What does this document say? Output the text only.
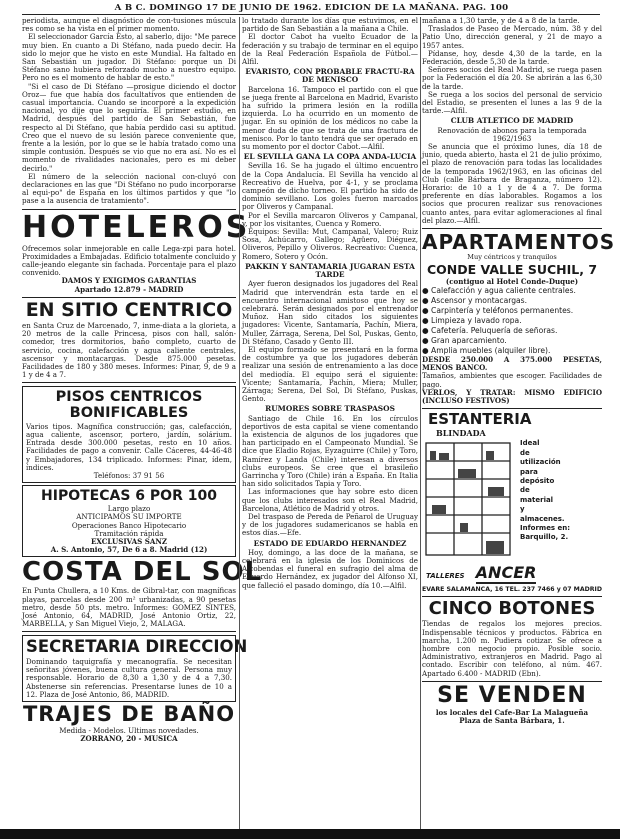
A B C. DOMINGO 17 DE JUNIO DE 1962. EDICION DE LA MAÑANA. PAG. 100

periodista, aunque el diagnóstico de con-tusiones múscula res como se ha vista en el primer momento.

El seleccionador García Esto, al saberlo, dijo: "Me parece muy bien. En cuanto a Di Stéfano, nada puedo decir. Ha sido lo mejor que he visto en este Mundial. Ha faltado en San Sebastián un jugador. Di Stéfano: porque un Di Stéfano sano hubiera reforzado mucho a nuestro equipo. Pero no es el momento de hablar de esto."

"Si el caso de Di Stéfano —prosigue diciendo el doctor Oroz— fue que había dos facultativos que entienden de casual importancia. Cuando se incorporé a la expedición nacional, yo dije que lo seguiría. El primer estudio, en Madrid, después del partido de San Sebastián, fue respecto al Di Stéfano, que había perdido casi su aptitud. Creo que el nuevo de su lesión parece conveniente que, frente a la lesión, por lo que se le había tratado como una simple contusión. Después se vio que no era así. No es el momento de rivalidades nacionales, pero es mi deber decirlo."

El número de la selección nacional con-cluyó con declaraciones en las que "Di Stéfano no pudo incorporarse al equi-po" de España en los últimos partidos y que "lo pase a la ausencia de tratamiento".

HOTELEROS

Ofrecemos solar inmejorable en calle Lega-zpi para hotel. Proximidades a Embajadas. Edificio totalmente concluido y calle-jeando elegante sin fachada. Porcentaje para el plazo convenido.

DAMOS Y EXIGIMOS GARANTIAS

Apartado 12.879 - MADRID

EN SITIO CENTRICO

en Santa Cruz de Marcenado, 7, inme-diata a la glorieta, a 20 metros de la calle Princesa, pisos con hall, salón-comedor, tres dormitorios, baño completo, cuarto de servicio, cocina, calefacción y agua caliente centrales, ascensor y montacargas. Desde 875.000 pesetas. Facilidades de 180 y 380 meses. Informes: Pinar, 9, de 9 a 1 y de 4 a 7.

PISOS CENTRICOS BONIFICABLES

Varios tipos. Magnífica construcción; gas, calefacción, agua caliente, ascensor, portero, jardín, solárium. Entrada desde 300.000 pesetas, resto en 10 años. Facilidades de pago a convenir. Calle Cáceres, 44-46-48 y Embajadores, 134 triplicado. Informes: Pinar, ídem, índices.

Teléfonos: 37 91 56

HIPOTECAS 6 POR 100

Largo plazo

ANTICIPAMOS SU IMPORTE

Operaciones Banco Hipotecario

Tramitación rápida

EXCLUSIVAS SANZ

A. S. Antonio, 57, De 6 a 8. Madrid (12)

COSTA DEL SOL

En Punta Chullera, a 10 Kms. de Gibral-tar, con magníficas playas, parcelas desde 200 m² urbanizadas, a 90 pesetas metro, desde 50 pts. metro. Informes: GOMEZ SINTES, José Antonio, 64, MADRID, José Antonio Ortiz, 22, MARBELLA, y San Miguel Viejo, 2, MALAGA.

SECRETARIA DIRECCION

Dominando taquigrafía y mecanografía. Se necesitan señoritas jóvenes, buena cultura general. Persona muy responsable. Horario de 8,30 a 1,30 y de 4 a 7,30. Abstenerse sin referencias. Presentarse lunes de 10 a 12. Plaza de José Antonio, 86, MADRID.

TRAJES DE BAÑO

Medida - Modelos. Ultimas novedades.

ZORRANO, 20 - MUSICA

lo tratado durante los días que estuvimos, en el partido de San Sebastián a la mañana a Chile.

El doctor Cabot ha vuelto Ecuador de la federación y su trabajo de terminar en el equipo de la Real Federación Española de Fútbol.—Alfil.

EVARISTO, CON PROBABLE FRACTU-RA DE MENISCO

Barcelona 16. Tampoco el partido con el que se juega frente al Barcelona en Madrid, Evaristo ha sufrido la primera lesión en la rodilla izquierda. Lo ha ocurrido en un momento de jugar. En su opinión de los médicos no cabe la menor duda de que se trata de una fractura de menisco. Por lo tanto tendrá que ser operado en su momento por el doctor Cabot.—Alfil.

EL SEVILLA GANA LA COPA ANDA-LUCIA

Sevilla 16. Se ha jugado el último encuentro de la Copa Andalucía. El Sevilla ha vencido al Recreativo de Huelva, por 4-1, y se proclama campeón de dicho torneo. El partido ha sido de dominio sevillano. Los goles fueron marcados por Oliveros y Campanal.

Por el Sevilla marcaron Oliveros y Campanal, y, por los visitantes, Cuenca y Romero.

Equipos: Sevilla: Mut, Campanal, Valero; Ruiz Sosa, Achúcarro, Gallego; Agüero, Diéguez, Oliveros, Pepillo y Oliveros. Recreativo: Cuenca, Romero, Sotero y Ocón.

PAKKIN Y SANTAMARIA JUGARAN ESTA TARDE

Ayer fueron designados los jugadores del Real Madrid que intervendrán esta tarde en el encuentro internacional amistoso que hoy se celebrará. Serán designados por el entrenador Muñoz. Han sido citados los siguientes jugadores: Vicente, Santamaría, Pachín, Miera, Muller, Zárraga, Serena, Del Sol, Puskas, Gento, Di Stéfano, Casado y Gento III.

El equipo formado se presentará en la forma de costumbre ya que los jugadores deberán realizar una sesión de entrenamiento a las doce del mediodía. El equipo será el siguiente: Vicente; Santamaría, Pachín, Miera; Muller, Zárraga; Serena, Del Sol, Di Stéfano, Puskas, Gento.

RUMORES SOBRE TRASPASOS

Santiago de Chile 16. En los círculos deportivos de esta capital se viene comentando la existencia de algunos de los jugadores que han participado en el Campeonato Mundial. Se dice que Eladio Rojas, Eyzaguirre (Chile) y Toro, Ramírez y Landa (Chile) interesan a diversos clubs europeos. Se cree que el brasileño Garrincha y Toro (Chile) irán a España. En Italia han sido solicitados Tapia y Toro.

Las informaciones que hay sobre esto dicen que los clubs interesados son el Real Madrid, Barcelona, Atlético de Madrid y otros.

Del traspaso de Pereda de Peñarol de Uruguay y de los jugadores sudamericanos se habla en estos días.—Efe.

ESTADO DE EDUARDO HERNANDEZ

Hoy, domingo, a las doce de la mañana, se celebrará en la iglesia de los Dominicos de Alcobendas el funeral en sufragio del alma de Eduardo Hernández, ex jugador del Alfonso XI, que falleció el pasado domingo, día 10.—Alfil.

mañana a 1,30 tarde, y de 4 a 8 de la tarde.

Traslados de Paseo de Mercado, núm. 38 y del Patio Uno, dirección general, y 21 de mayo a 1957 antes.

Pídanse, hoy, desde 4,30 de la tarde, en la Federación, desde 5,30 de la tarde.

Señores socios del Real Madrid, se ruega pasen por la Federación el día 20. Se abrirán a las 6,30 de la tarde.

Se ruega a los socios del personal de servicio del Estadio, se presenten el lunes a las 9 de la tarde.—Alfil.

CLUB ATLETICO DE MADRID

Renovación de abonos para la temporada 1962/1963

Se anuncia que el próximo lunes, día 18 de junio, queda abierto, hasta el 21 de julio próximo, el plazo de renovación para todas las localidades de la temporada 1962/1963, en las oficinas del Club (calle Bárbara de Braganza, número 12). Horario: de 10 a 1 y de 4 a 7. De forma preferente en días laborables. Rogamos a los socios que procuren realizar sus renovaciones cuanto antes, para evitar aglomeraciones al final del plazo.—Alfil.

APARTAMENTOS

Muy céntricos y tranquilos

CONDE VALLE SUCHIL, 7

(contiguo al Hotel Conde-Duque)

● Calefacción y agua caliente centrales.

● Ascensor y montacargas.

● Carpintería y teléfonos permanentes.

● Limpieza y lavado ropa.

● Cafetería. Peluquería de señoras.

● Gran aparcamiento.

● Amplia muebles (alquiler libre).

DESDE 250.000 A 375.000 PESETAS, MENOS BANCO.

Tamaños, ambientes que escoger. Facilidades de pago.

VERLOS, Y TRATAR: MISMO EDIFICIO (INCLUSO FESTIVOS)

ESTANTERIA
BLINDADA
Ideal
de
utilización
para
depósito
de
material
y
almacenes.
Informes en:
Barquillo, 2.
TALLERES ANCER
EVARE SALAMANCA, 16 TEL. 237 7466 y 07 MADRID
CINCO BOTONES

Tiendas de regalos los mejores precios. Indispensable técnicos y productos. Fábrica en marcha, 1.200 m. Pudiera cotizar. Se ofrece a hombre con negocio propio. Posible socio. Administrativo, extranjeros en Madrid. Pago al contado. Escribir con teléfono, al núm. 467. Apartado 6.400 - MADRID (Ebn).

SE VENDEN

los locales del Cafe-Bar La Malagueña

Plaza de Santa Bárbara, 1.
